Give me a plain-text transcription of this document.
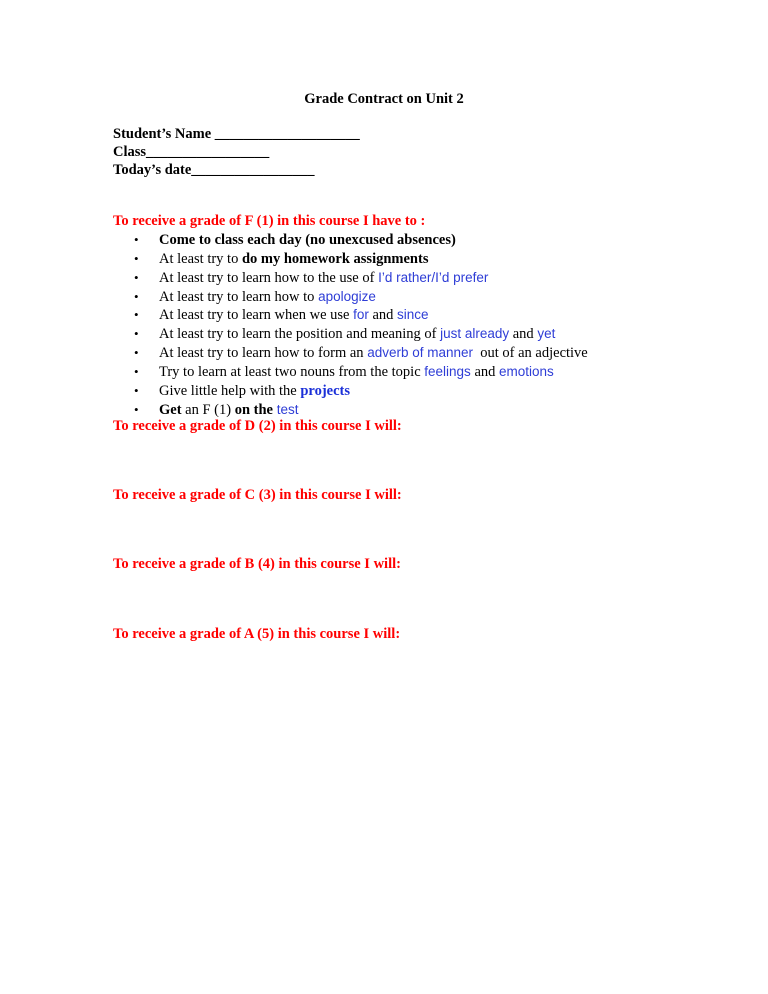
Grade Contract on Unit 2
Student’s Name ____________________
Class_________________
Today’s date_________________
To receive a grade of F (1) in this course I have to :
• Come to class each day (no unexcused absences)
• At least try to do my homework assignments
• At least try to learn how to the use of I’d rather/I’d prefer
• At least try to learn how to apologize
• At least try to learn when we use for and since
• At least try to learn the position and meaning of just already and yet
• At least try to learn how to form an adverb of manner  out of an adjective
• Try to learn at least two nouns from the topic feelings and emotions
• Give little help with the projects
• Get an F (1) on the test
To receive a grade of D (2) in this course I will:
To receive a grade of C (3) in this course I will:
To receive a grade of B (4) in this course I will:
To receive a grade of A (5) in this course I will:
